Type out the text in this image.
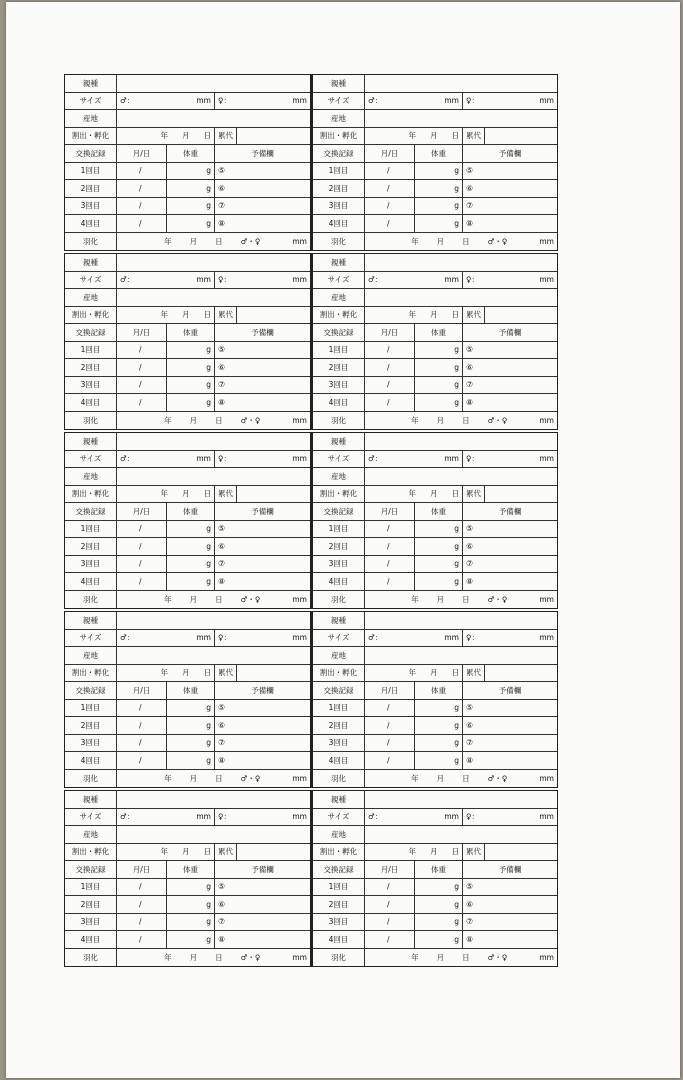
親種
サイズ ♂：	mm ♀：	mm
産地
割出・孵化	年 月 日 累代
交換記録	月/日	体重	予備欄
1回目	/	g ⑤
2回目	/	g ⑥
3回目	/	g ⑦
4回目	/	g ⑧
羽化	年 月 日 ♂・♀	mm
親種
サイズ ♂：	mm ♀：	mm
産地
割出・孵化	年 月 日 累代
交換記録	月/日	体重	予備欄
1回目	/	g ⑤
2回目	/	g ⑥
3回目	/	g ⑦
4回目	/	g ⑧
羽化	年 月 日 ♂・♀	mm
親種
サイズ ♂：	mm ♀：	mm
産地
割出・孵化	年 月 日 累代
交換記録	月/日	体重	予備欄
1回目	/	g ⑤
2回目	/	g ⑥
3回目	/	g ⑦
4回目	/	g ⑧
羽化	年 月 日 ♂・♀	mm
親種
サイズ ♂：	mm ♀：	mm
産地
割出・孵化	年 月 日 累代
交換記録	月/日	体重	予備欄
1回目	/	g ⑤
2回目	/	g ⑥
3回目	/	g ⑦
4回目	/	g ⑧
羽化	年 月 日 ♂・♀	mm
親種
サイズ ♂：	mm ♀：	mm
産地
割出・孵化	年 月 日 累代
交換記録	月/日	体重	予備欄
1回目	/	g ⑤
2回目	/	g ⑥
3回目	/	g ⑦
4回目	/	g ⑧
羽化	年 月 日 ♂・♀	mm
親種
サイズ ♂：	mm ♀：	mm
産地
割出・孵化	年 月 日 累代
交換記録	月/日	体重	予備欄
1回目	/	g ⑤
2回目	/	g ⑥
3回目	/	g ⑦
4回目	/	g ⑧
羽化	年 月 日 ♂・♀	mm
親種
サイズ ♂：	mm ♀：	mm
産地
割出・孵化	年 月 日 累代
交換記録	月/日	体重	予備欄
1回目	/	g ⑤
2回目	/	g ⑥
3回目	/	g ⑦
4回目	/	g ⑧
羽化	年 月 日 ♂・♀	mm
親種
サイズ ♂：	mm ♀：	mm
産地
割出・孵化	年 月 日 累代
交換記録	月/日	体重	予備欄
1回目	/	g ⑤
2回目	/	g ⑥
3回目	/	g ⑦
4回目	/	g ⑧
羽化	年 月 日 ♂・♀	mm
親種
サイズ ♂：	mm ♀：	mm
産地
割出・孵化	年 月 日 累代
交換記録	月/日	体重	予備欄
1回目	/	g ⑤
2回目	/	g ⑥
3回目	/	g ⑦
4回目	/	g ⑧
羽化	年 月 日 ♂・♀	mm
親種
サイズ ♂：	mm ♀：	mm
産地
割出・孵化	年 月 日 累代
交換記録	月/日	体重	予備欄
1回目	/	g ⑤
2回目	/	g ⑥
3回目	/	g ⑦
4回目	/	g ⑧
羽化	年 月 日 ♂・♀	mm
